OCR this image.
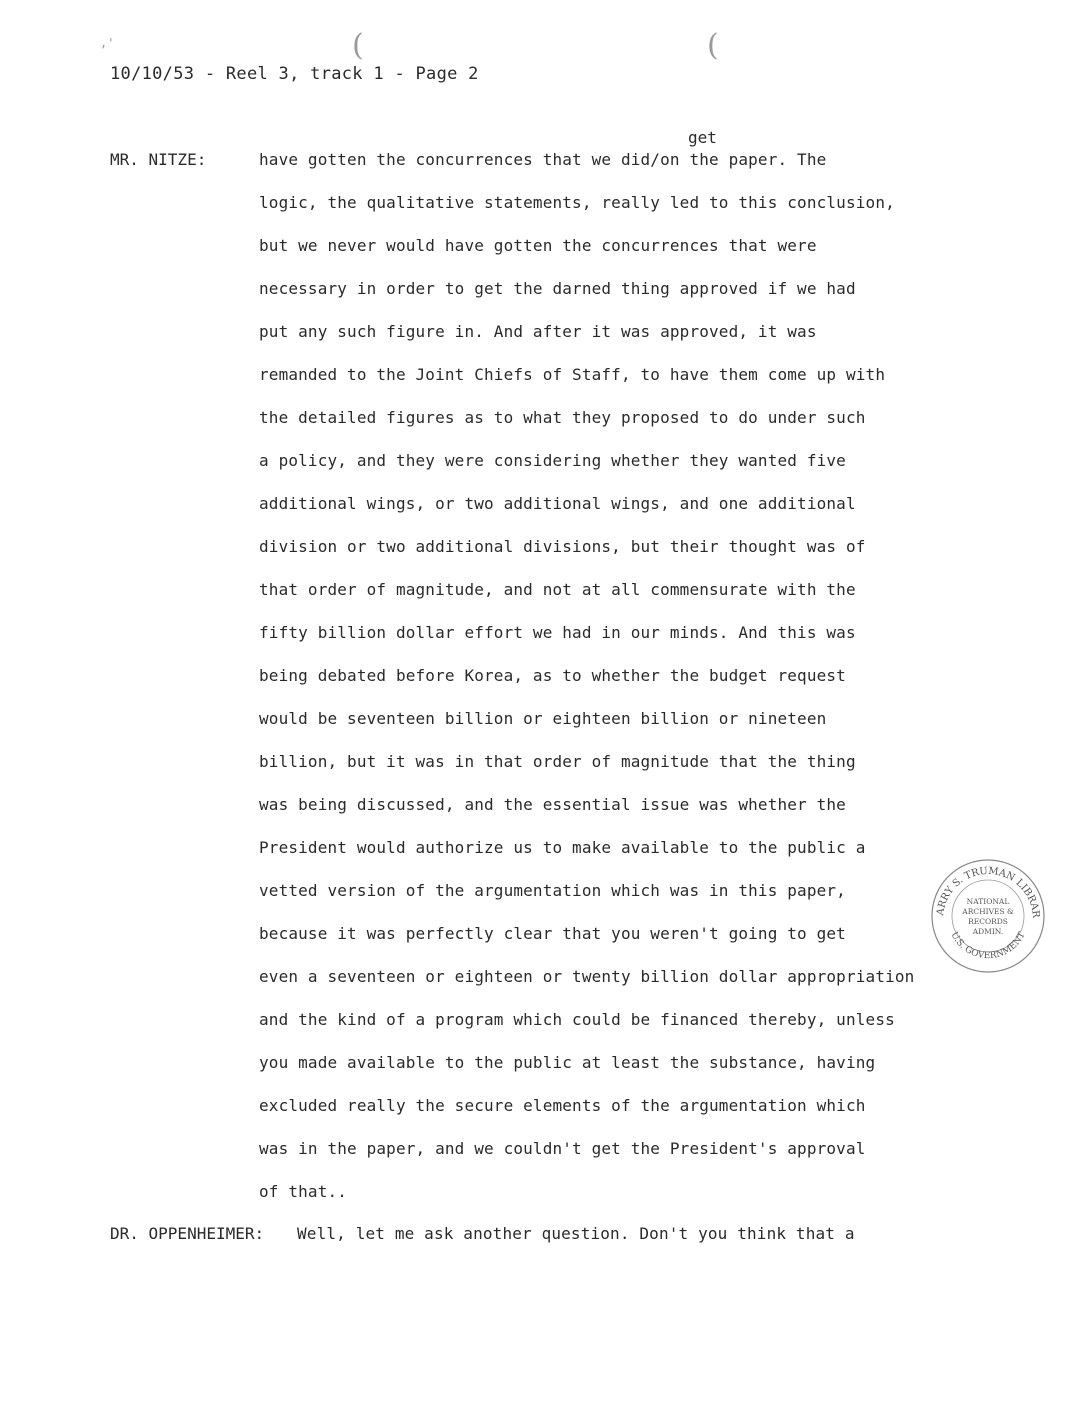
(	(
,'
10/10/53 - Reel 3, track 1 - Page 2
get
MR. NITZE:	have gotten the concurrences that we did/on the paper. The
logic, the qualitative statements, really led to this conclusion,
but we never would have gotten the concurrences that were
necessary in order to get the darned thing approved if we had
put any such figure in. And after it was approved, it was
remanded to the Joint Chiefs of Staff, to have them come up with
the detailed figures as to what they proposed to do under such
a policy, and they were considering whether they wanted five
additional wings, or two additional wings, and one additional
division or two additional divisions, but their thought was of
that order of magnitude, and not at all commensurate with the
fifty billion dollar effort we had in our minds. And this was
being debated before Korea, as to whether the budget request
would be seventeen billion or eighteen billion or nineteen
billion, but it was in that order of magnitude that the thing
was being discussed, and the essential issue was whether the
President would authorize us to make available to the public a
vetted version of the argumentation which was in this paper,
because it was perfectly clear that you weren't going to get
even a seventeen or eighteen or twenty billion dollar appropriation
and the kind of a program which could be financed thereby, unless
you made available to the public at least the substance, having
excluded really the secure elements of the argumentation which
was in the paper, and we couldn't get the President's approval
of that..
DR. OPPENHEIMER: Well, let me ask another question. Don't you think that a
ARRY S. TRUMAN LIBRAR
U.S. GOVERNMENT
NATIONAL
ARCHIVES &
RECORDS
ADMIN.
